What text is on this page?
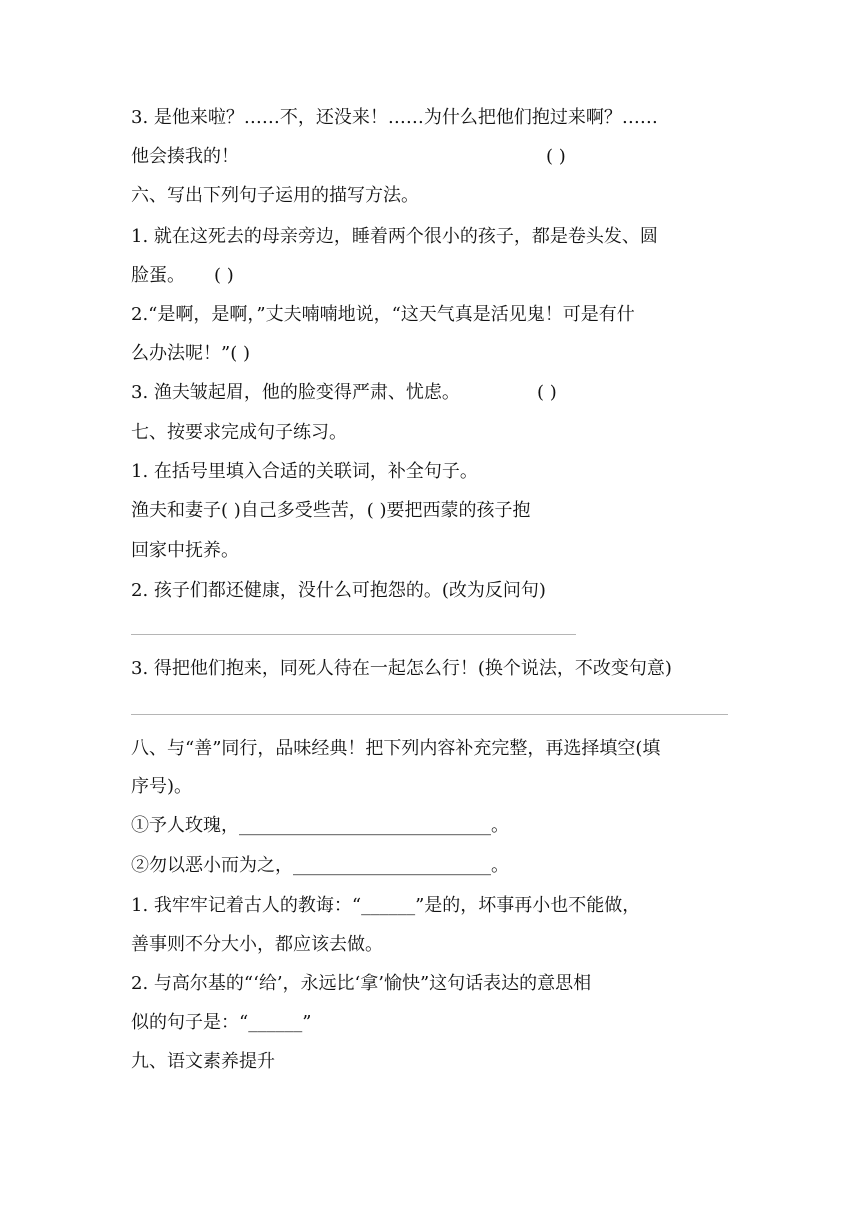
3. 是他来啦？……不，还没来！……为什么把他们抱过来啊？……
他会揍我的！	( )
六、写出下列句子运用的描写方法。
1. 就在这死去的母亲旁边，睡着两个很小的孩子，都是卷头发、圆
脸蛋。 ( )
2.“是啊，是啊，”丈夫喃喃地说，“这天气真是活见鬼！可是有什
么办法呢！”( )
3. 渔夫皱起眉，他的脸变得严肃、忧虑。	( )
七、按要求完成句子练习。
1. 在括号里填入合适的关联词，补全句子。
渔夫和妻子( )自己多受些苦，( )要把西蒙的孩子抱
回家中抚养。
2. 孩子们都还健康，没什么可抱怨的。(改为反问句)
3. 得把他们抱来，同死人待在一起怎么行！(换个说法，不改变句意)
八、与“善”同行，品味经典！把下列内容补充完整，再选择填空(填
序号)。
①予人玫瑰，____________________________。
②勿以恶小而为之，______________________。
1. 我牢牢记着古人的教诲：“______”是的，坏事再小也不能做，
善事则不分大小，都应该去做。
2. 与高尔基的“‘给’，永远比‘拿’愉快”这句话表达的意思相
似的句子是：“______”
九、语文素养提升
